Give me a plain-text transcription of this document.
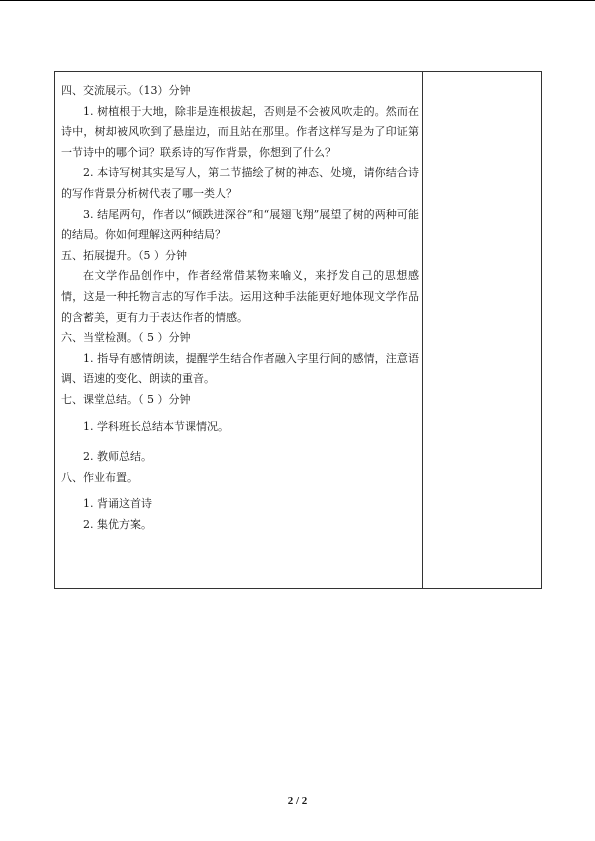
四、交流展示。（13）分钟

1. 树植根于大地，除非是连根拔起，否则是不会被风吹走的。然而在诗中，树却被风吹到了悬崖边，而且站在那里。作者这样写是为了印证第一节诗中的哪个词？联系诗的写作背景，你想到了什么？

2. 本诗写树其实是写人，第二节描绘了树的神态、处境，请你结合诗的写作背景分析树代表了哪一类人？

3. 结尾两句，作者以“倾跌进深谷”和“展翅飞翔”展望了树的两种可能的结局。你如何理解这两种结局？

五、拓展提升。（5 ）分钟

在文学作品创作中，作者经常借某物来喻义，来抒发自己的思想感情，这是一种托物言志的写作手法。运用这种手法能更好地体现文学作品的含蓄美，更有力于表达作者的情感。

六、当堂检测。（ 5 ）分钟

1. 指导有感情朗读，提醒学生结合作者融入字里行间的感情，注意语调、语速的变化、朗读的重音。

七、课堂总结。（ 5 ）分钟

1. 学科班长总结本节课情况。

2. 教师总结。

八、作业布置。

1. 背诵这首诗

2. 集优方案。

2 / 2
